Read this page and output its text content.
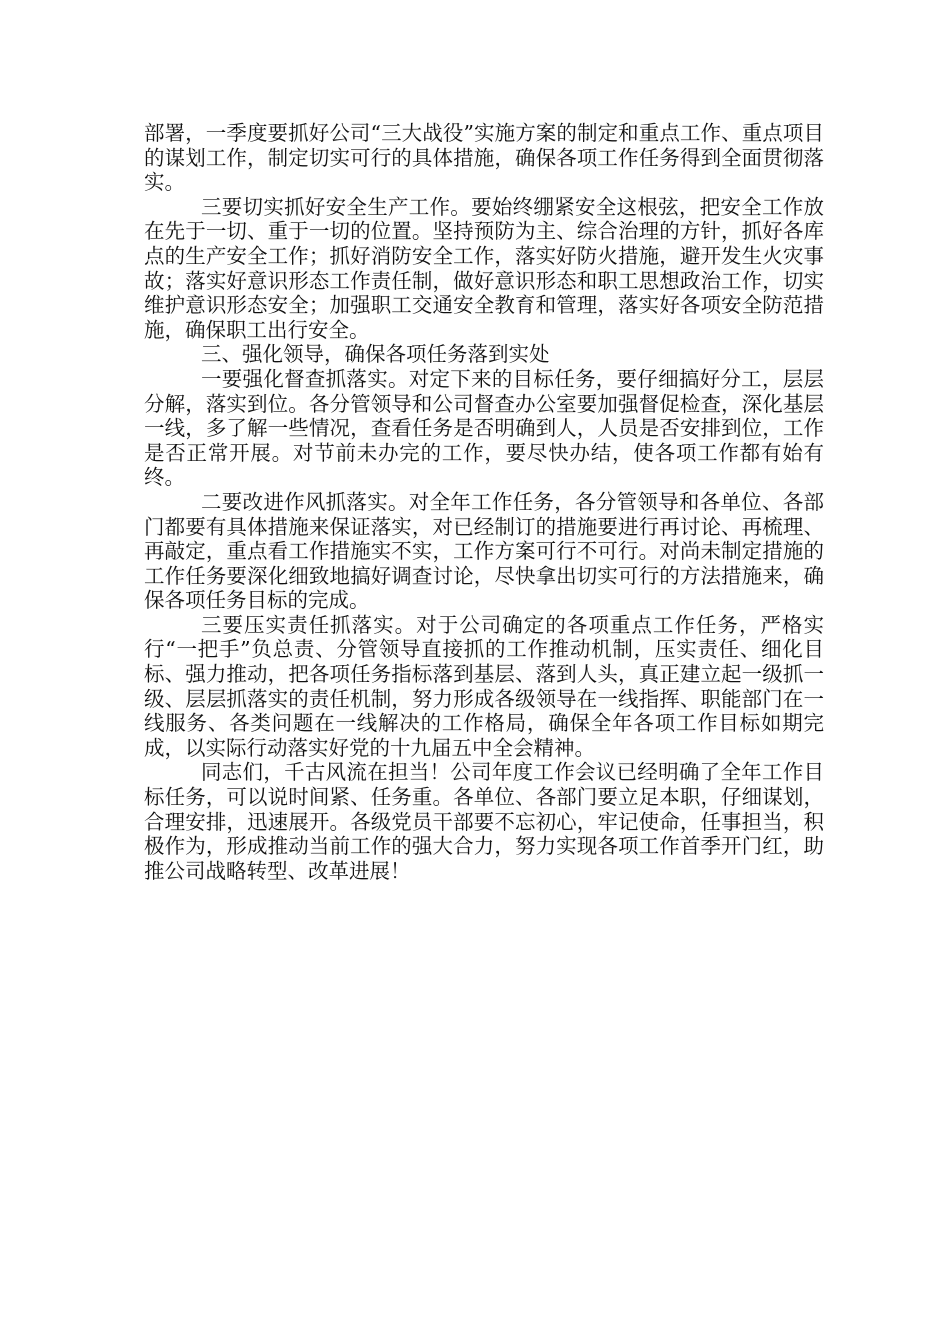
部署，一季度要抓好公司“三大战役”实施方案的制定和重点工作、重点项目的谋划工作，制定切实可行的具体措施，确保各项工作任务得到全面贯彻落实。

三要切实抓好安全生产工作。要始终绷紧安全这根弦，把安全工作放在先于一切、重于一切的位置。坚持预防为主、综合治理的方针，抓好各库点的生产安全工作；抓好消防安全工作，落实好防火措施，避开发生火灾事故；落实好意识形态工作责任制，做好意识形态和职工思想政治工作，切实维护意识形态安全；加强职工交通安全教育和管理，落实好各项安全防范措施，确保职工出行安全。

三、强化领导，确保各项任务落到实处

一要强化督查抓落实。对定下来的目标任务，要仔细搞好分工，层层分解，落实到位。各分管领导和公司督查办公室要加强督促检查，深化基层一线，多了解一些情况，查看任务是否明确到人，人员是否安排到位，工作是否正常开展。对节前未办完的工作，要尽快办结，使各项工作都有始有终。

二要改进作风抓落实。对全年工作任务，各分管领导和各单位、各部门都要有具体措施来保证落实，对已经制订的措施要进行再讨论、再梳理、再敲定，重点看工作措施实不实，工作方案可行不可行。对尚未制定措施的工作任务要深化细致地搞好调查讨论，尽快拿出切实可行的方法措施来，确保各项任务目标的完成。

三要压实责任抓落实。对于公司确定的各项重点工作任务，严格实行“一把手”负总责、分管领导直接抓的工作推动机制，压实责任、细化目标、强力推动，把各项任务指标落到基层、落到人头，真正建立起一级抓一级、层层抓落实的责任机制，努力形成各级领导在一线指挥、职能部门在一线服务、各类问题在一线解决的工作格局，确保全年各项工作目标如期完成，以实际行动落实好党的十九届五中全会精神。

同志们，千古风流在担当！公司年度工作会议已经明确了全年工作目标任务，可以说时间紧、任务重。各单位、各部门要立足本职，仔细谋划，合理安排，迅速展开。各级党员干部要不忘初心，牢记使命，任事担当，积极作为，形成推动当前工作的强大合力，努力实现各项工作首季开门红，助推公司战略转型、改革进展！
